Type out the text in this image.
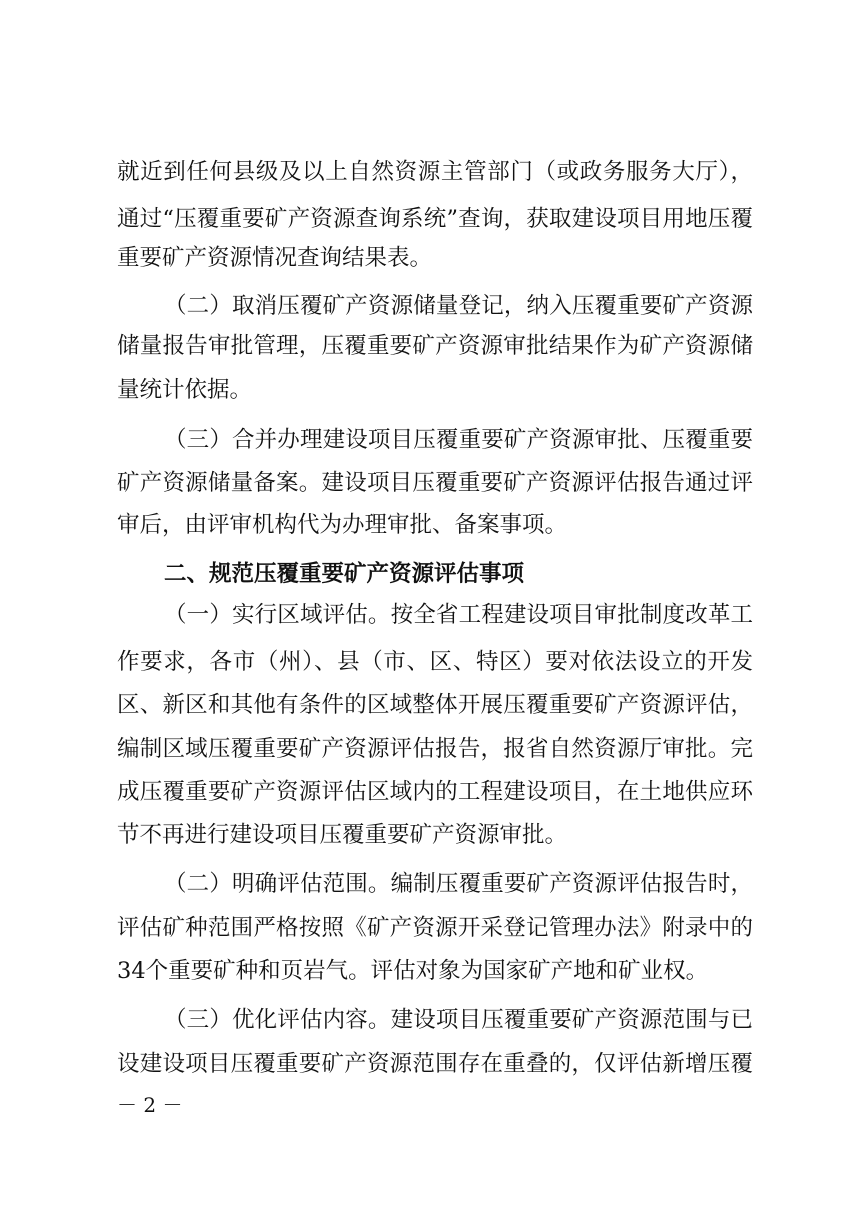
就近到任何县级及以上自然资源主管部门（或政务服务大厅），
通过“压覆重要矿产资源查询系统”查询，获取建设项目用地压覆
重要矿产资源情况查询结果表。
（二）取消压覆矿产资源储量登记，纳入压覆重要矿产资源
储量报告审批管理，压覆重要矿产资源审批结果作为矿产资源储
量统计依据。
（三）合并办理建设项目压覆重要矿产资源审批、压覆重要
矿产资源储量备案。建设项目压覆重要矿产资源评估报告通过评
审后，由评审机构代为办理审批、备案事项。
二、规范压覆重要矿产资源评估事项
（一）实行区域评估。按全省工程建设项目审批制度改革工
作要求，各市（州）、县（市、区、特区）要对依法设立的开发
区、新区和其他有条件的区域整体开展压覆重要矿产资源评估，
编制区域压覆重要矿产资源评估报告，报省自然资源厅审批。完
成压覆重要矿产资源评估区域内的工程建设项目，在土地供应环
节不再进行建设项目压覆重要矿产资源审批。
（二）明确评估范围。编制压覆重要矿产资源评估报告时，
评估矿种范围严格按照《矿产资源开采登记管理办法》附录中的
34个重要矿种和页岩气。评估对象为国家矿产地和矿业权。
（三）优化评估内容。建设项目压覆重要矿产资源范围与已
设建设项目压覆重要矿产资源范围存在重叠的，仅评估新增压覆
－ 2 －
